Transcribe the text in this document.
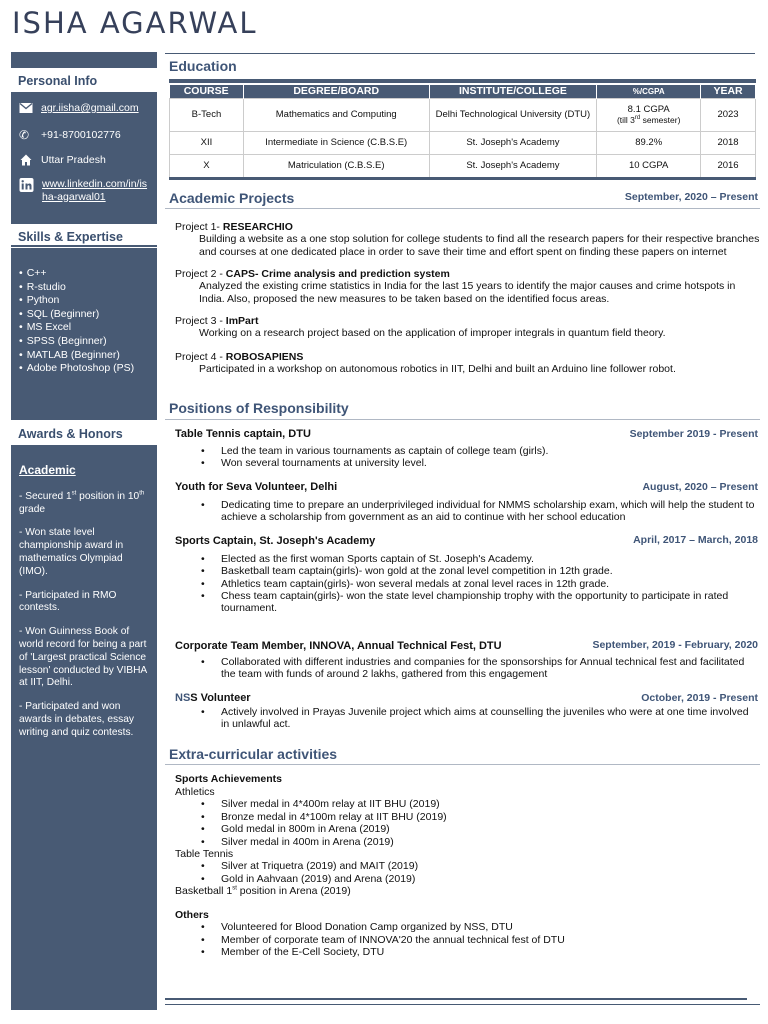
ISHA AGARWAL
Personal Info
agr.iisha@gmail.com
✆	+91-8700102776
Uttar Pradesh
www.linkedin.com/in/is
ha-agarwal01
Skills & Expertise
• C++
• R-studio
• Python
• SQL (Beginner)
• MS Excel
• SPSS (Beginner)
• MATLAB (Beginner)
• Adobe Photoshop (PS)
Awards & Honors
Academic

- Secured 1st position in 10th
grade

- Won state level championship award in mathematics Olympiad (IMO).

- Participated in RMO contests.

- Won Guinness Book of world record for being a part of 'Largest practical Science lesson' conducted by VIBHA at IIT, Delhi.

- Participated and won awards in debates, essay writing and quiz contests.

Education
COURSE	DEGREE/BOARD	INSTITUTE/COLLEGE	%/CGPA	YEAR
B-Tech	Mathematics and Computing	Delhi Technological University (DTU)	8.1 CGPA
(till 3rd semester)	2023
XII	Intermediate in Science (C.B.S.E)	St. Joseph's Academy	89.2%	2018
X	Matriculation (C.B.S.E)	St. Joseph's Academy	10 CGPA	2016
Academic Projects	September, 2020 – Present
Project 1- RESEARCHIO
Building a website as a one stop solution for college students to find all the research papers for their respective branches and courses at one dedicated place in order to save their time and effort spent on finding these papers on internet
Project 2 - CAPS- Crime analysis and prediction system
Analyzed the existing crime statistics in India for the last 15 years to identify the major causes and crime hotspots in India. Also, proposed the new measures to be taken based on the identified focus areas.
Project 3 - ImPart
Working on a research project based on the application of improper integrals in quantum field theory.
Project 4 - ROBOSAPIENS
Participated in a workshop on autonomous robotics in IIT, Delhi and built an Arduino line follower robot.
Positions of Responsibility
Table Tennis captain, DTU	September 2019 - Present
• Led the team in various tournaments as captain of college team (girls).
• Won several tournaments at university level.
Youth for Seva Volunteer, Delhi	August, 2020 – Present
• Dedicating time to prepare an underprivileged individual for NMMS scholarship exam, which will help the student to achieve a scholarship from government as an aid to continue with her school education
Sports Captain, St. Joseph's Academy	April, 2017 – March, 2018
• Elected as the first woman Sports captain of St. Joseph's Academy.
• Basketball team captain(girls)- won gold at the zonal level competition in 12th grade.
• Athletics team captain(girls)- won several medals at zonal level races in 12th grade.
• Chess team captain(girls)- won the state level championship trophy with the opportunity to participate in rated tournament.
Corporate Team Member, INNOVA, Annual Technical Fest, DTU	September, 2019 - February, 2020
• Collaborated with different industries and companies for the sponsorships for Annual technical fest and facilitated the team with funds of around 2 lakhs, gathered from this engagement
NSS Volunteer	October, 2019 - Present
• Actively involved in Prayas Juvenile project which aims at counselling the juveniles who were at one time involved in unlawful act.
Extra-curricular activities
Sports Achievements
Athletics
• Silver medal in 4*400m relay at IIT BHU (2019)
• Bronze medal in 4*100m relay at IIT BHU (2019)
• Gold medal in 800m in Arena (2019)
• Silver medal in 400m in Arena (2019)
Table Tennis
• Silver at Triquetra (2019) and MAIT (2019)
• Gold in Aahvaan (2019) and Arena (2019)
Basketball 1st position in Arena (2019)
Others
• Volunteered for Blood Donation Camp organized by NSS, DTU
• Member of corporate team of INNOVA'20 the annual technical fest of DTU
• Member of the E-Cell Society, DTU
